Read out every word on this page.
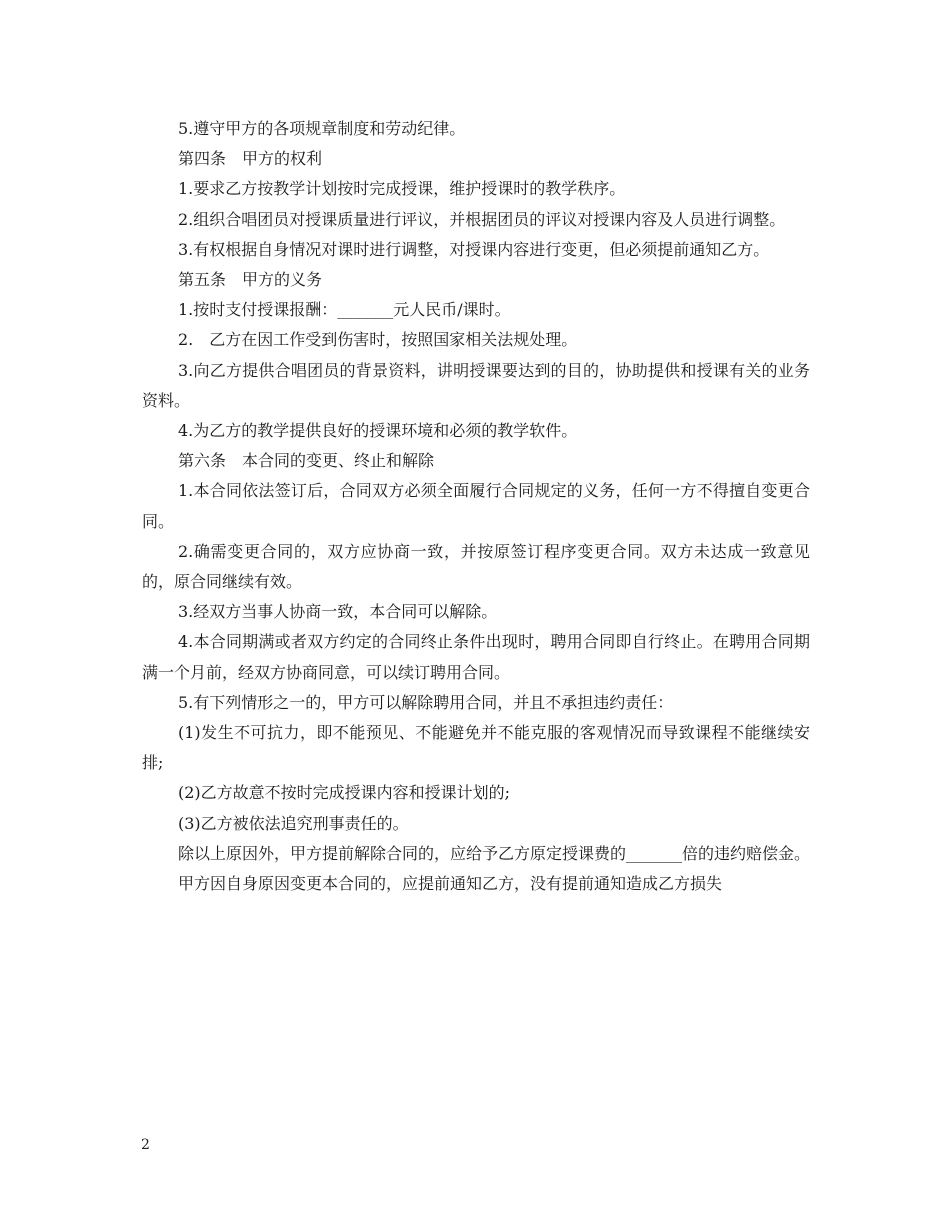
5.遵守甲方的各项规章制度和劳动纪律。

第四条　甲方的权利

1.要求乙方按教学计划按时完成授课，维护授课时的教学秩序。

2.组织合唱团员对授课质量进行评议，并根据团员的评议对授课内容及人员进行调整。

3.有权根据自身情况对课时进行调整，对授课内容进行变更，但必须提前通知乙方。

第五条　甲方的义务

1.按时支付授课报酬：_______元人民币/课时。

2.　乙方在因工作受到伤害时，按照国家相关法规处理。

3.向乙方提供合唱团员的背景资料，讲明授课要达到的目的，协助提供和授课有关的业务资料。

4.为乙方的教学提供良好的授课环境和必须的教学软件。

第六条　本合同的变更、终止和解除

1.本合同依法签订后，合同双方必须全面履行合同规定的义务，任何一方不得擅自变更合同。

2.确需变更合同的，双方应协商一致，并按原签订程序变更合同。双方未达成一致意见的，原合同继续有效。

3.经双方当事人协商一致，本合同可以解除。

4.本合同期满或者双方约定的合同终止条件出现时，聘用合同即自行终止。在聘用合同期满一个月前，经双方协商同意，可以续订聘用合同。

5.有下列情形之一的，甲方可以解除聘用合同，并且不承担违约责任：

(1)发生不可抗力，即不能预见、不能避免并不能克服的客观情况而导致课程不能继续安排;

(2)乙方故意不按时完成授课内容和授课计划的;

(3)乙方被依法追究刑事责任的。

除以上原因外，甲方提前解除合同的，应给予乙方原定授课费的_______倍的违约赔偿金。

甲方因自身原因变更本合同的，应提前通知乙方，没有提前通知造成乙方损失

2
